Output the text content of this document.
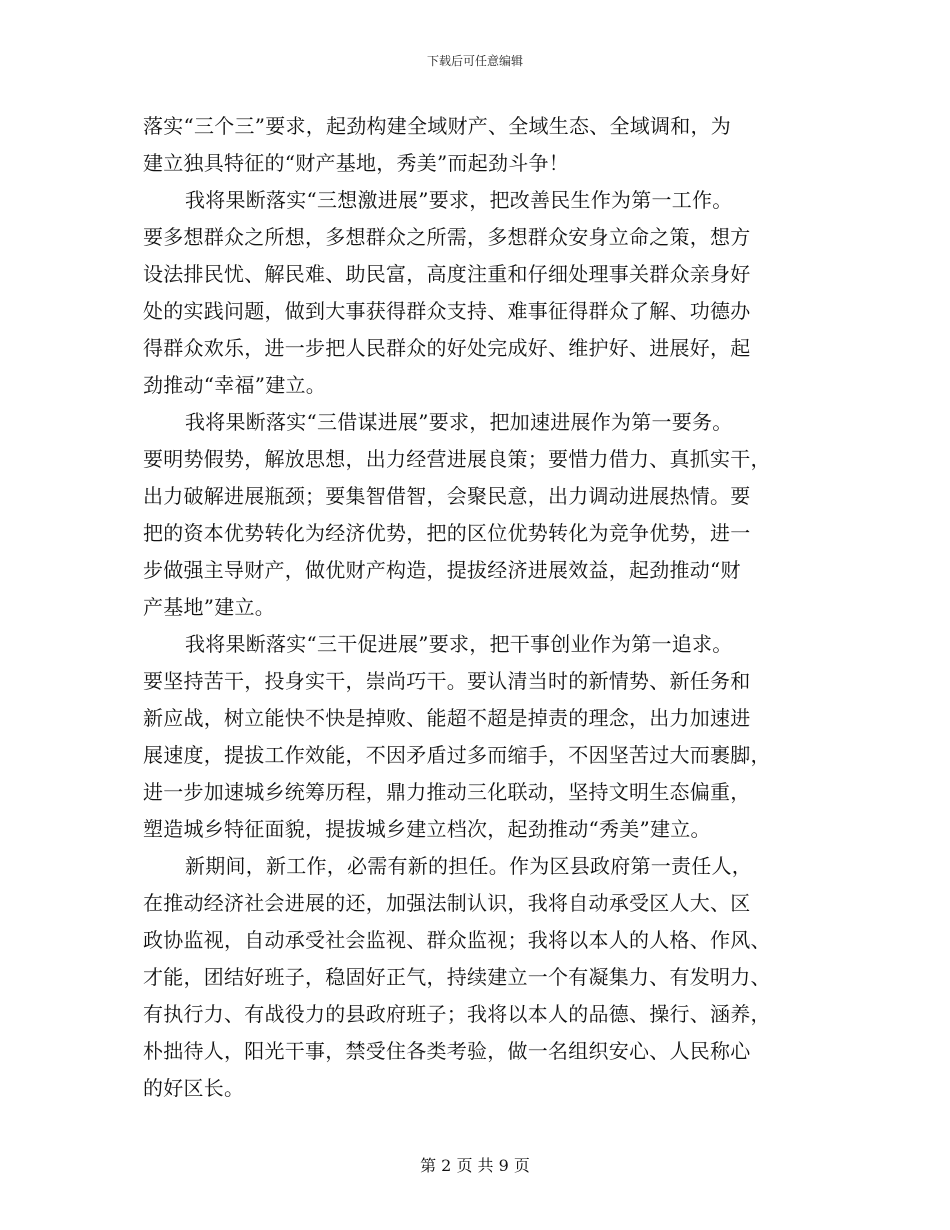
下载后可任意编辑
落实“三个三”要求，起劲构建全域财产、全域生态、全域调和，为
建立独具特征的“财产基地，秀美”而起劲斗争！
我将果断落实“三想激进展”要求，把改善民生作为第一工作。
要多想群众之所想，多想群众之所需，多想群众安身立命之策，想方
设法排民忧、解民难、助民富，高度注重和仔细处理事关群众亲身好
处的实践问题，做到大事获得群众支持、难事征得群众了解、功德办
得群众欢乐，进一步把人民群众的好处完成好、维护好、进展好，起
劲推动“幸福”建立。
我将果断落实“三借谋进展”要求，把加速进展作为第一要务。
要明势假势，解放思想，出力经营进展良策；要惜力借力、真抓实干，
出力破解进展瓶颈；要集智借智，会聚民意，出力调动进展热情。要
把的资本优势转化为经济优势，把的区位优势转化为竞争优势，进一
步做强主导财产，做优财产构造，提拔经济进展效益，起劲推动“财
产基地”建立。
我将果断落实“三干促进展”要求，把干事创业作为第一追求。
要坚持苦干，投身实干，崇尚巧干。要认清当时的新情势、新任务和
新应战，树立能快不快是掉败、能超不超是掉责的理念，出力加速进
展速度，提拔工作效能，不因矛盾过多而缩手，不因坚苦过大而裹脚，
进一步加速城乡统筹历程，鼎力推动三化联动，坚持文明生态偏重，
塑造城乡特征面貌，提拔城乡建立档次，起劲推动“秀美”建立。
新期间，新工作，必需有新的担任。作为区县政府第一责任人，
在推动经济社会进展的还，加强法制认识，我将自动承受区人大、区
政协监视，自动承受社会监视、群众监视；我将以本人的人格、作风、
才能，团结好班子，稳固好正气，持续建立一个有凝集力、有发明力、
有执行力、有战役力的县政府班子；我将以本人的品德、操行、涵养，
朴拙待人，阳光干事，禁受住各类考验，做一名组织安心、人民称心
的好区长。
第 2 页 共 9 页
